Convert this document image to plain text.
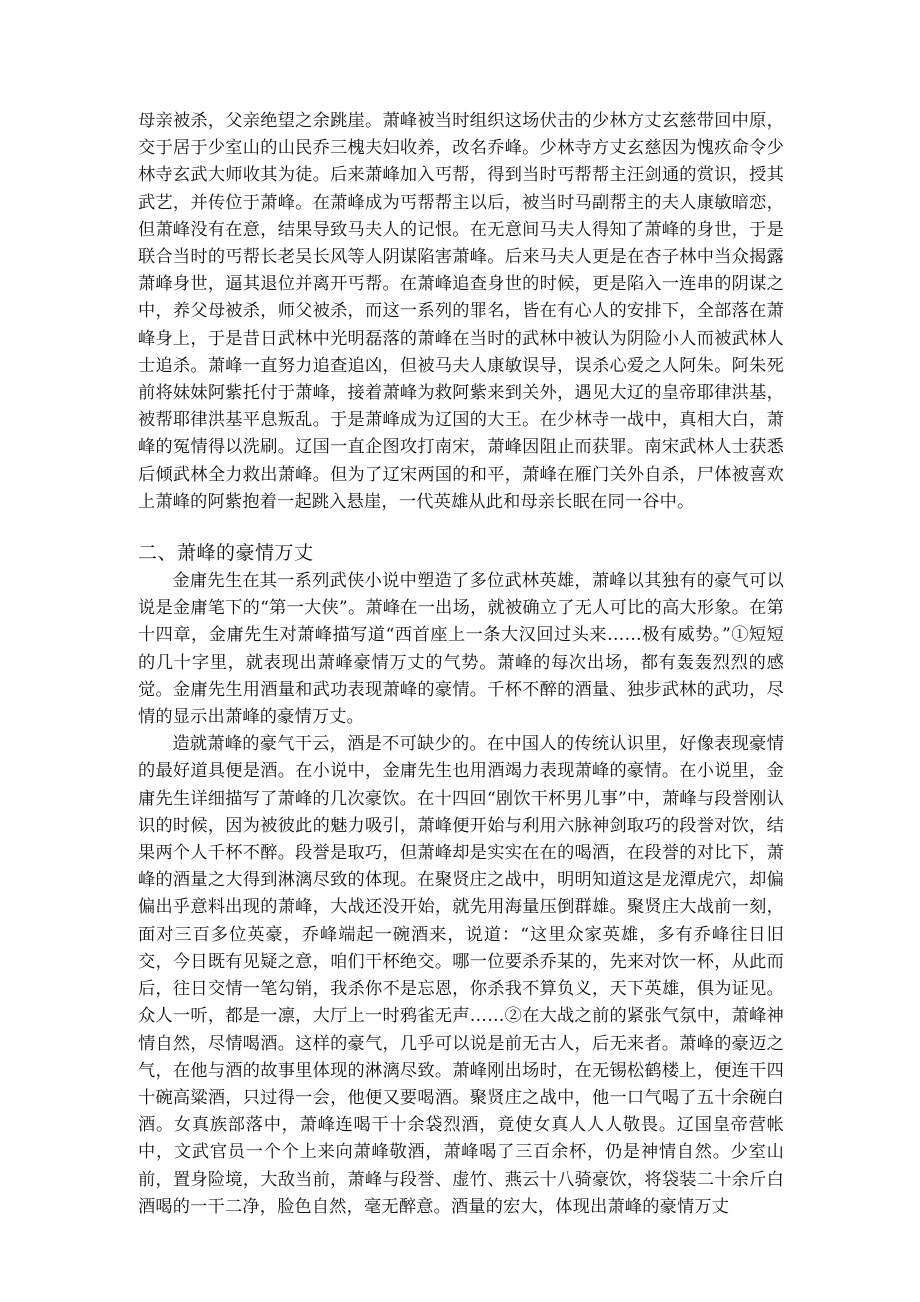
母亲被杀，父亲绝望之余跳崖。萧峰被当时组织这场伏击的少林方丈玄慈带回中原，交于居于少室山的山民乔三槐夫妇收养，改名乔峰。少林寺方丈玄慈因为愧疚命令少林寺玄武大师收其为徒。后来萧峰加入丐帮，得到当时丐帮帮主汪剑通的赏识，授其武艺，并传位于萧峰。在萧峰成为丐帮帮主以后，被当时马副帮主的夫人康敏暗恋，但萧峰没有在意，结果导致马夫人的记恨。在无意间马夫人得知了萧峰的身世，于是联合当时的丐帮长老吴长风等人阴谋陷害萧峰。后来马夫人更是在杏子林中当众揭露萧峰身世，逼其退位并离开丐帮。在萧峰追查身世的时候，更是陷入一连串的阴谋之中，养父母被杀，师父被杀，而这一系列的罪名，皆在有心人的安排下，全部落在萧峰身上，于是昔日武林中光明磊落的萧峰在当时的武林中被认为阴险小人而被武林人士追杀。萧峰一直努力追查追凶，但被马夫人康敏误导，误杀心爱之人阿朱。阿朱死前将妹妹阿紫托付于萧峰，接着萧峰为救阿紫来到关外，遇见大辽的皇帝耶律洪基，被帮耶律洪基平息叛乱。于是萧峰成为辽国的大王。在少林寺一战中，真相大白，萧峰的冤情得以洗刷。辽国一直企图攻打南宋，萧峰因阻止而获罪。南宋武林人士获悉后倾武林全力救出萧峰。但为了辽宋两国的和平，萧峰在雁门关外自杀，尸体被喜欢上萧峰的阿紫抱着一起跳入悬崖，一代英雄从此和母亲长眠在同一谷中。

二、萧峰的豪情万丈

金庸先生在其一系列武侠小说中塑造了多位武林英雄，萧峰以其独有的豪气可以说是金庸笔下的“第一大侠”。萧峰在一出场，就被确立了无人可比的高大形象。在第十四章，金庸先生对萧峰描写道“西首座上一条大汉回过头来……极有威势。”①短短的几十字里，就表现出萧峰豪情万丈的气势。萧峰的每次出场，都有轰轰烈烈的感觉。金庸先生用酒量和武功表现萧峰的豪情。千杯不醉的酒量、独步武林的武功，尽情的显示出萧峰的豪情万丈。

造就萧峰的豪气干云，酒是不可缺少的。在中国人的传统认识里，好像表现豪情的最好道具便是酒。在小说中，金庸先生也用酒竭力表现萧峰的豪情。在小说里，金庸先生详细描写了萧峰的几次豪饮。在十四回“剧饮干杯男儿事”中，萧峰与段誉刚认识的时候，因为被彼此的魅力吸引，萧峰便开始与利用六脉神剑取巧的段誉对饮，结果两个人千杯不醉。段誉是取巧，但萧峰却是实实在在的喝酒，在段誉的对比下，萧峰的酒量之大得到淋漓尽致的体现。在聚贤庄之战中，明明知道这是龙潭虎穴，却偏偏出乎意料出现的萧峰，大战还没开始，就先用海量压倒群雄。聚贤庄大战前一刻，面对三百多位英豪，乔峰端起一碗酒来，说道：“这里众家英雄，多有乔峰往日旧交，今日既有见疑之意，咱们干杯绝交。哪一位要杀乔某的，先来对饮一杯，从此而后，往日交情一笔勾销，我杀你不是忘恩，你杀我不算负义，天下英雄，俱为证见。众人一听，都是一凛，大厅上一时鸦雀无声……②在大战之前的紧张气氛中，萧峰神情自然，尽情喝酒。这样的豪气，几乎可以说是前无古人，后无来者。萧峰的豪迈之气，在他与酒的故事里体现的淋漓尽致。萧峰刚出场时，在无锡松鹤楼上，便连干四十碗高粱酒，只过得一会，他便又要喝酒。聚贤庄之战中，他一口气喝了五十余碗白酒。女真族部落中，萧峰连喝干十余袋烈酒，竟使女真人人人敬畏。辽国皇帝营帐中，文武官员一个个上来向萧峰敬酒，萧峰喝了三百余杯，仍是神情自然。少室山前，置身险境，大敌当前，萧峰与段誉、虚竹、燕云十八骑豪饮，将袋装二十余斤白酒喝的一干二净，脸色自然，毫无醉意。酒量的宏大，体现出萧峰的豪情万丈
